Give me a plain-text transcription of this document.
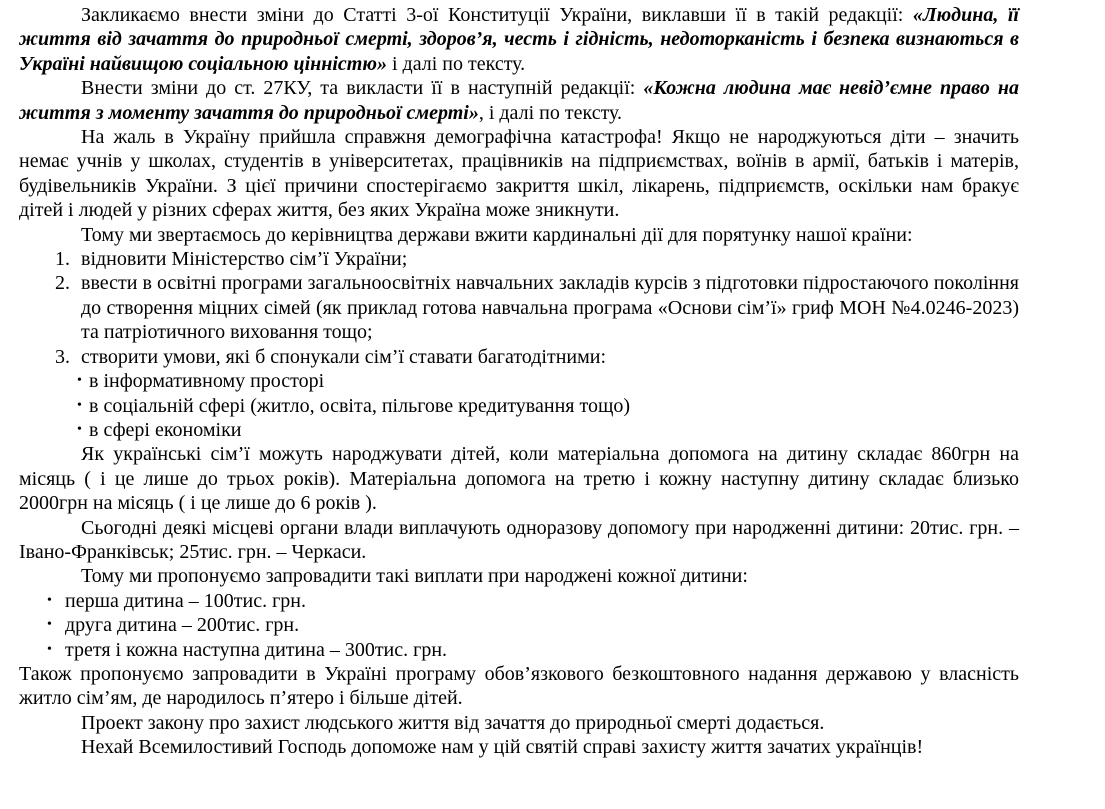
Закликаємо внести зміни до Статті 3-ої Конституції України, виклавши її в такій редакції: «Людина, її життя від зачаття до природньої смерті, здоров’я, честь і гідність, недоторканість і безпека визнаються в Україні найвищою соціальною цінністю» і далі по тексту.

Внести зміни до ст. 27КУ, та викласти її в наступній редакції: «Кожна людина має невід’ємне право на життя з моменту зачаття до природньої смерті», і далі по тексту.

На жаль в Україну прийшла справжня демографічна катастрофа! Якщо не народжуються діти – значить немає учнів у школах, студентів в університетах, працівників на підприємствах, воїнів в армії, батьків і матерів, будівельників України. З цієї причини спостерігаємо закриття шкіл, лікарень, підприємств, оскільки нам бракує дітей і людей у різних сферах життя, без яких Україна може зникнути.

Тому ми звертаємось до керівництва держави вжити кардинальні дії для порятунку нашої країни:

1. відновити Міністерство сім’ї України;
2. ввести в освітні програми загальноосвітніх навчальних закладів курсів з підготовки підростаючого покоління до створення міцних сімей (як приклад готова навчальна програма «Основи сім’ї» гриф МОН №4.0246-2023) та патріотичного виховання тощо;
3. створити умови, які б спонукали сім’ї ставати багатодітними:
• в інформативному просторі
• в соціальній сфері (житло, освіта, пільгове кредитування тощо)
• в сфері економіки

Як українські сім’ї можуть народжувати дітей, коли матеріальна допомога на дитину складає 860грн на місяць ( і це лише до трьох років). Матеріальна допомога на третю і кожну наступну дитину складає близько 2000грн на місяць ( і це лише до 6 років ).

Сьогодні деякі місцеві органи влади виплачують одноразову допомогу при народженні дитини: 20тис. грн. – Івано-Франківськ; 25тис. грн. – Черкаси.

Тому ми пропонуємо запровадити такі виплати при народжені кожної дитини:

• перша дитина – 100тис. грн.
• друга дитина – 200тис. грн.
• третя і кожна наступна дитина – 300тис. грн.

Також пропонуємо запровадити в Україні програму обов’язкового безкоштовного надання державою у власність житло сім’ям, де народилось п’ятеро і більше дітей.

Проект закону про захист людського життя від зачаття до природньої смерті додається.

Нехай Всемилостивий Господь допоможе нам у цій святій справі захисту життя зачатих українців!
